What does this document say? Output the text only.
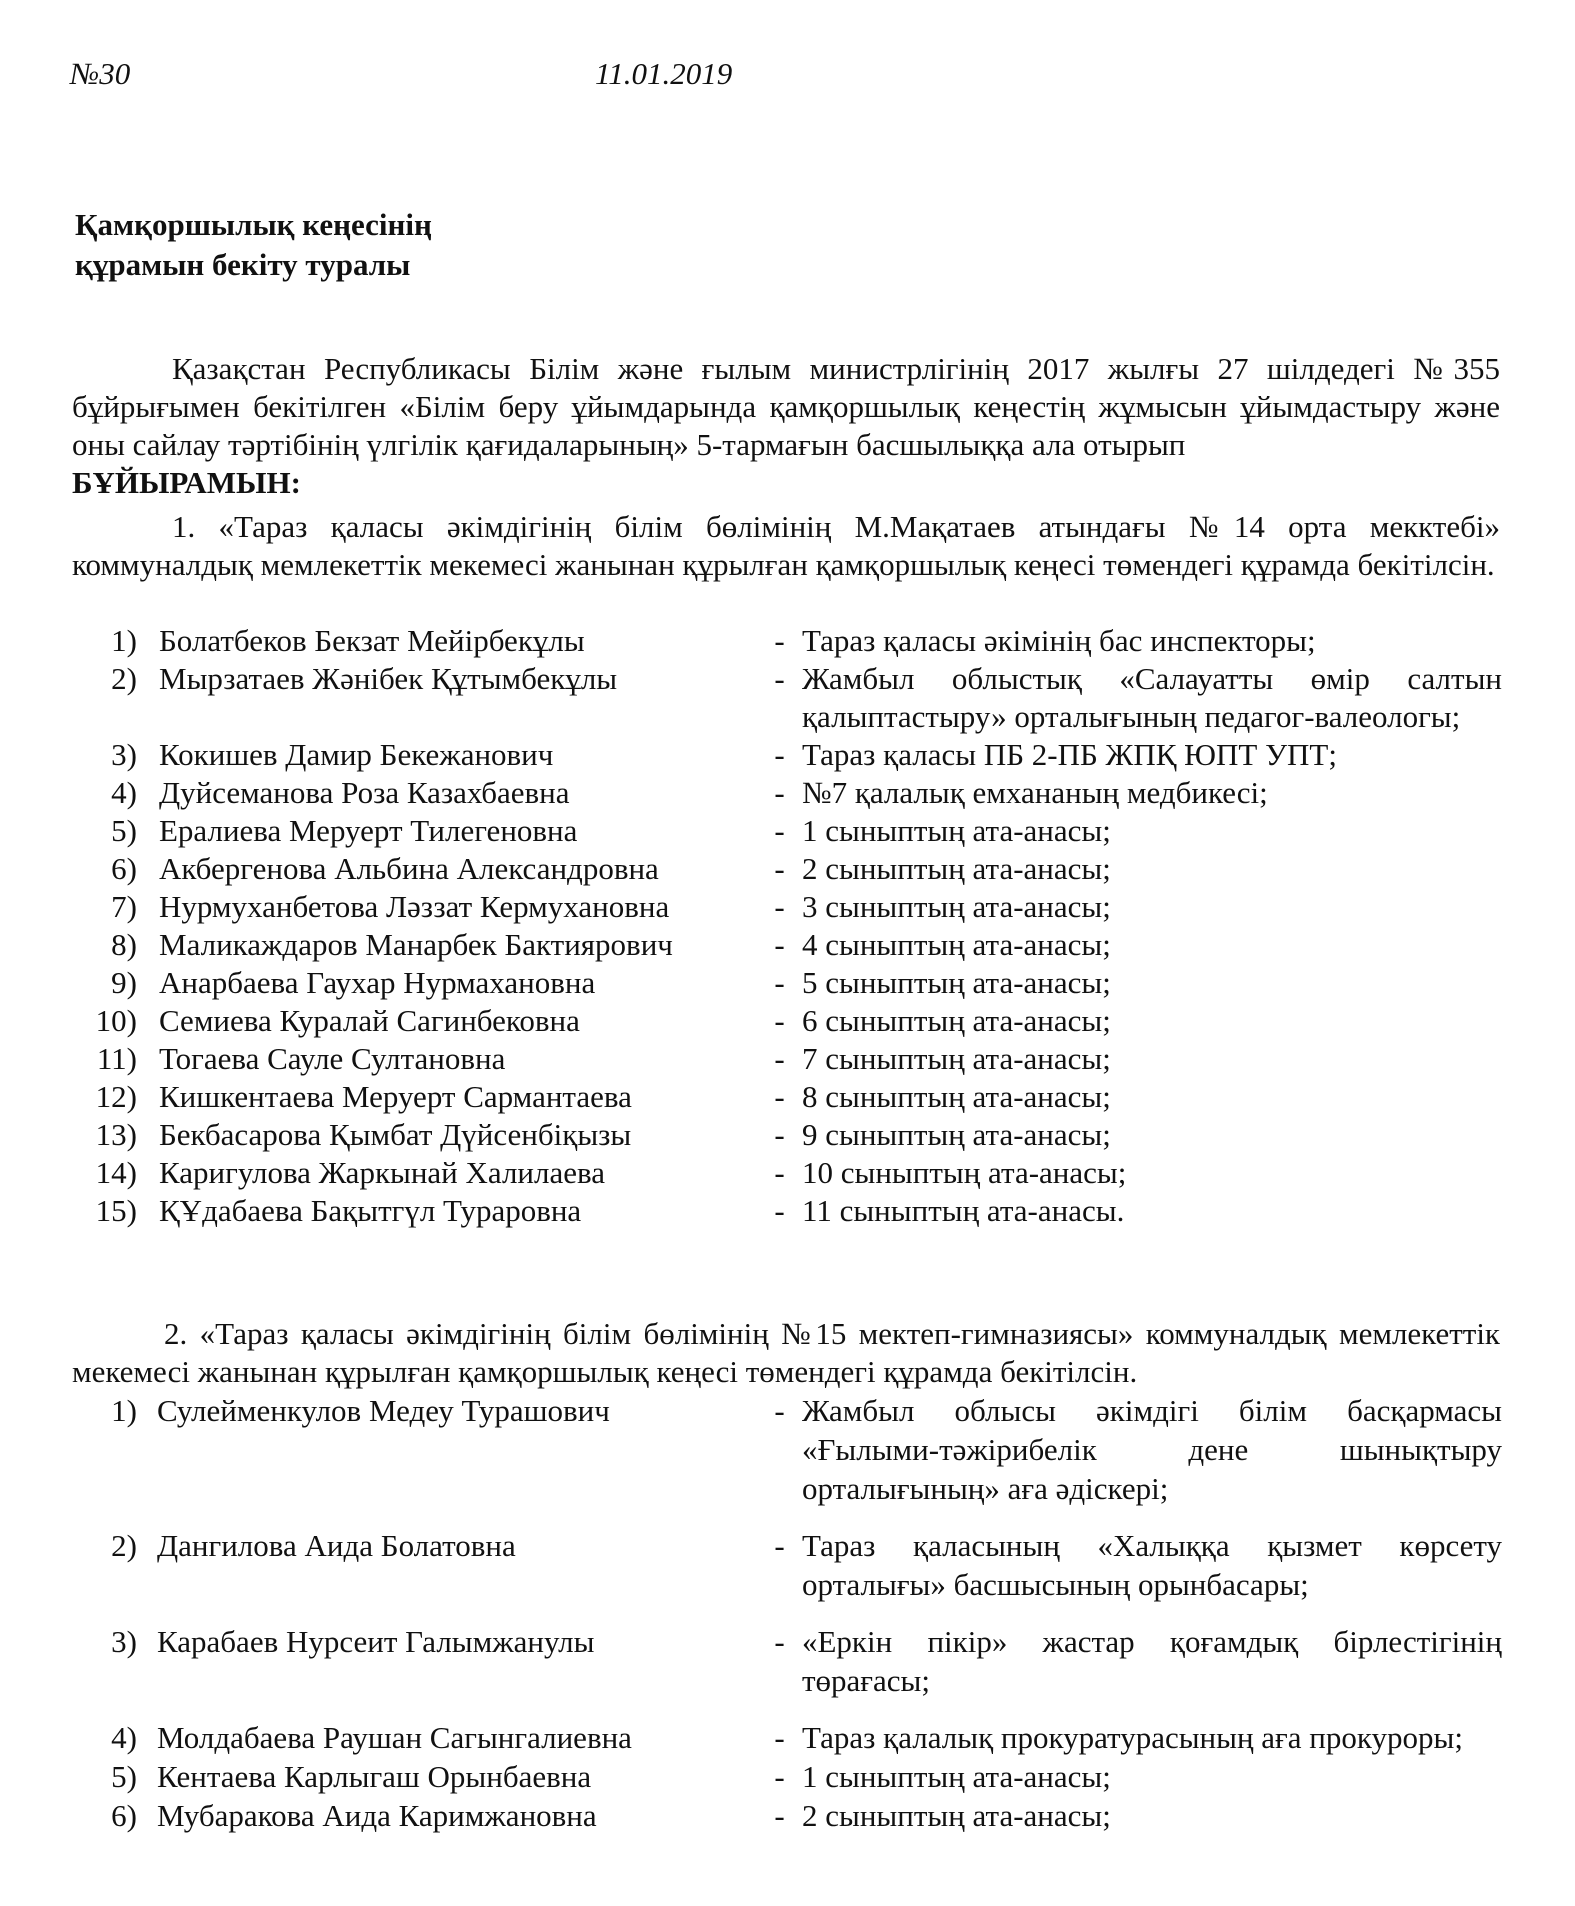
№30	11.01.2019
Қамқоршылық кеңесінің
құрамын бекіту туралы
Қазақстан Республикасы Білім және ғылым министрлігінің 2017 жылғы 27 шілдедегі №355 бұйрығымен бекітілген «Білім беру ұйымдарында қамқоршылық кеңестің жұмысын ұйымдастыру және оны сайлау тәртібінің үлгілік қағидаларының» 5-тармағын басшылыққа ала отырып
БҰЙЫРАМЫН:
1. «Тараз қаласы әкімдігінің білім бөлімінің М.Мақатаев атындағы №14 орта мекктебі» коммуналдық мемлекеттік мекемесі жанынан құрылған қамқоршылық кеңесі төмендегі құрамда бекітілсін.
1) Болатбеков Бекзат Мейірбекұлы	- Тараз қаласы әкімінің бас инспекторы;
2) Мырзатаев Жәнібек Құтымбекұлы	- Жамбыл облыстық «Салауатты өмір салтын қалыптастыру» орталығының педагог-валеологы;
3) Кокишев Дамир Бекежанович	- Тараз қаласы ПБ 2-ПБ ЖПҚ ЮПТ УПТ;
4) Дуйсеманова Роза Казахбаевна	- №7 қалалық емхананың медбикесі;
5) Ералиева Меруерт Тилегеновна	- 1 сыныптың ата-анасы;
6) Акбергенова Альбина Александровна	- 2 сыныптың ата-анасы;
7) Нурмуханбетова Ләззат Кермухановна	- 3 сыныптың ата-анасы;
8) Маликаждаров Манарбек Бактиярович	- 4 сыныптың ата-анасы;
9) Анарбаева Гаухар Нурмахановна	- 5 сыныптың ата-анасы;
10) Семиева Куралай Сагинбековна	- 6 сыныптың ата-анасы;
11) Тогаева Сауле Султановна	- 7 сыныптың ата-анасы;
12) Кишкентаева Меруерт Сармантаева	- 8 сыныптың ата-анасы;
13) Бекбасарова Қымбат Дүйсенбіқызы	- 9 сыныптың ата-анасы;
14) Каригулова Жаркынай Халилаева	- 10 сыныптың ата-анасы;
15) ҚҰдабаева Бақытгүл Тураровна	- 11 сыныптың ата-анасы.
2. «Тараз қаласы әкімдігінің білім бөлімінің №15 мектеп-гимназиясы» коммуналдық мемлекеттік мекемесі жанынан құрылған қамқоршылық кеңесі төмендегі құрамда бекітілсін.
1) Сулейменкулов Медеу Турашович	- Жамбыл облысы әкімдігі білім басқармасы «Ғылыми-тәжірибелік дене шынықтыру орталығының» аға әдіскері;
2) Дангилова Аида Болатовна	- Тараз қаласының «Халыққа қызмет көрсету орталығы» басшысының орынбасары;
3) Карабаев Нурсеит Галымжанулы	- «Еркін пікір» жастар қоғамдық бірлестігінің төрағасы;
4) Молдабаева Раушан Сагынгалиевна	- Тараз қалалық прокуратурасының аға прокуроры;
5) Кентаева Карлыгаш Орынбаевна	- 1 сыныптың ата-анасы;
6) Мубаракова Аида Каримжановна	- 2 сыныптың ата-анасы;
